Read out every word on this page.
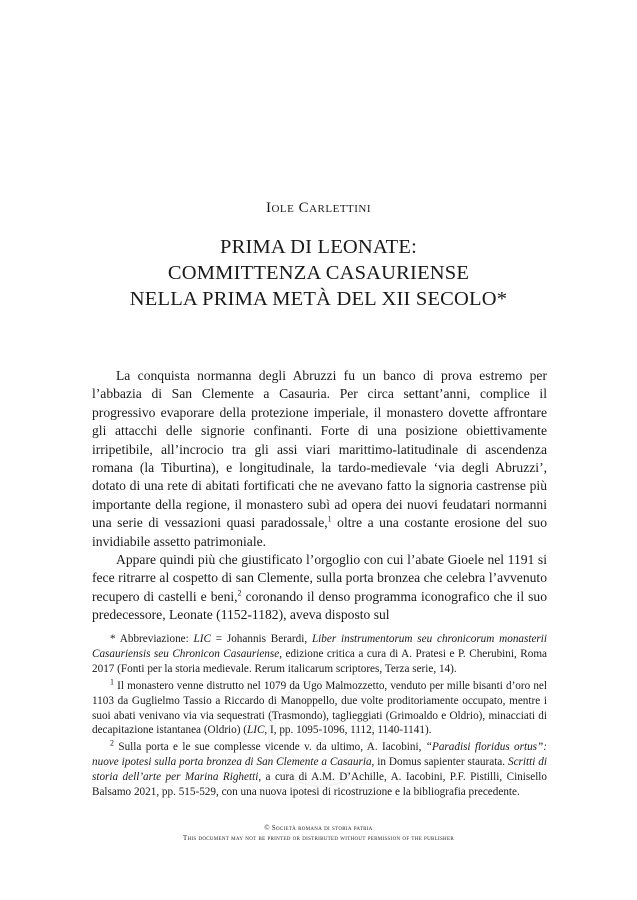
Iole Carlettini
PRIMA DI LEONATE:
COMMITTENZA CASAURIENSE
NELLA PRIMA METÀ DEL XII SECOLO*

La conquista normanna degli Abruzzi fu un banco di prova estremo per l’abbazia di San Clemente a Casauria. Per circa settant’anni, complice il progressivo evaporare della protezione imperiale, il monastero dovette affrontare gli attacchi delle signorie confinanti. Forte di una posizione obiettivamente irripetibile, all’incrocio tra gli assi viari marittimo-latitudinale di ascendenza romana (la Tiburtina), e longitudinale, la tardo-medievale ‘via degli Abruzzi’, dotato di una rete di abitati fortificati che ne avevano fatto la signoria castrense più importante della regione, il monastero subì ad opera dei nuovi feudatari normanni una serie di vessazioni quasi paradossale,$^1$ oltre a una costante erosione del suo invidiabile assetto patrimoniale.

Appare quindi più che giustificato l’orgoglio con cui l’abate Gioele nel 1191 si fece ritrarre al cospetto di san Clemente, sulla porta bronzea che celebra l’avvenuto recupero di castelli e beni,$^2$ coronando il denso programma iconografico che il suo predecessore, Leonate (1152-1182), aveva disposto sul

* Abbreviazione: LIC = Johannis Berardi, Liber instrumentorum seu chronicorum monasterii Casauriensis seu Chronicon Casauriense, edizione critica a cura di A. Pratesi e P. Cherubini, Roma 2017 (Fonti per la storia medievale. Rerum italicarum scriptores, Terza serie, 14).

$^1$ Il monastero venne distrutto nel 1079 da Ugo Malmozzetto, venduto per mille bisanti d’oro nel 1103 da Guglielmo Tassio a Riccardo di Manoppello, due volte proditoriamente occupato, mentre i suoi abati venivano via via sequestrati (Trasmondo), taglieggiati (Grimoaldo e Oldrio), minacciati di decapitazione istantanea (Oldrio) (LIC, I, pp. 1095-1096, 1112, 1140-1141).

$^2$ Sulla porta e le sue complesse vicende v. da ultimo, A. Iacobini, “Paradisi floridus ortus”: nuove ipotesi sulla porta bronzea di San Clemente a Casauria, in Domus sapienter staurata. Scritti di storia dell’arte per Marina Righetti, a cura di A.M. D’Achille, A. Iacobini, P.F. Pistilli, Cinisello Balsamo 2021, pp. 515-529, con una nuova ipotesi di ricostruzione e la bibliografia precedente.

© Società romana di storia patria
This document may not be printed or distributed without permission of the publisher
